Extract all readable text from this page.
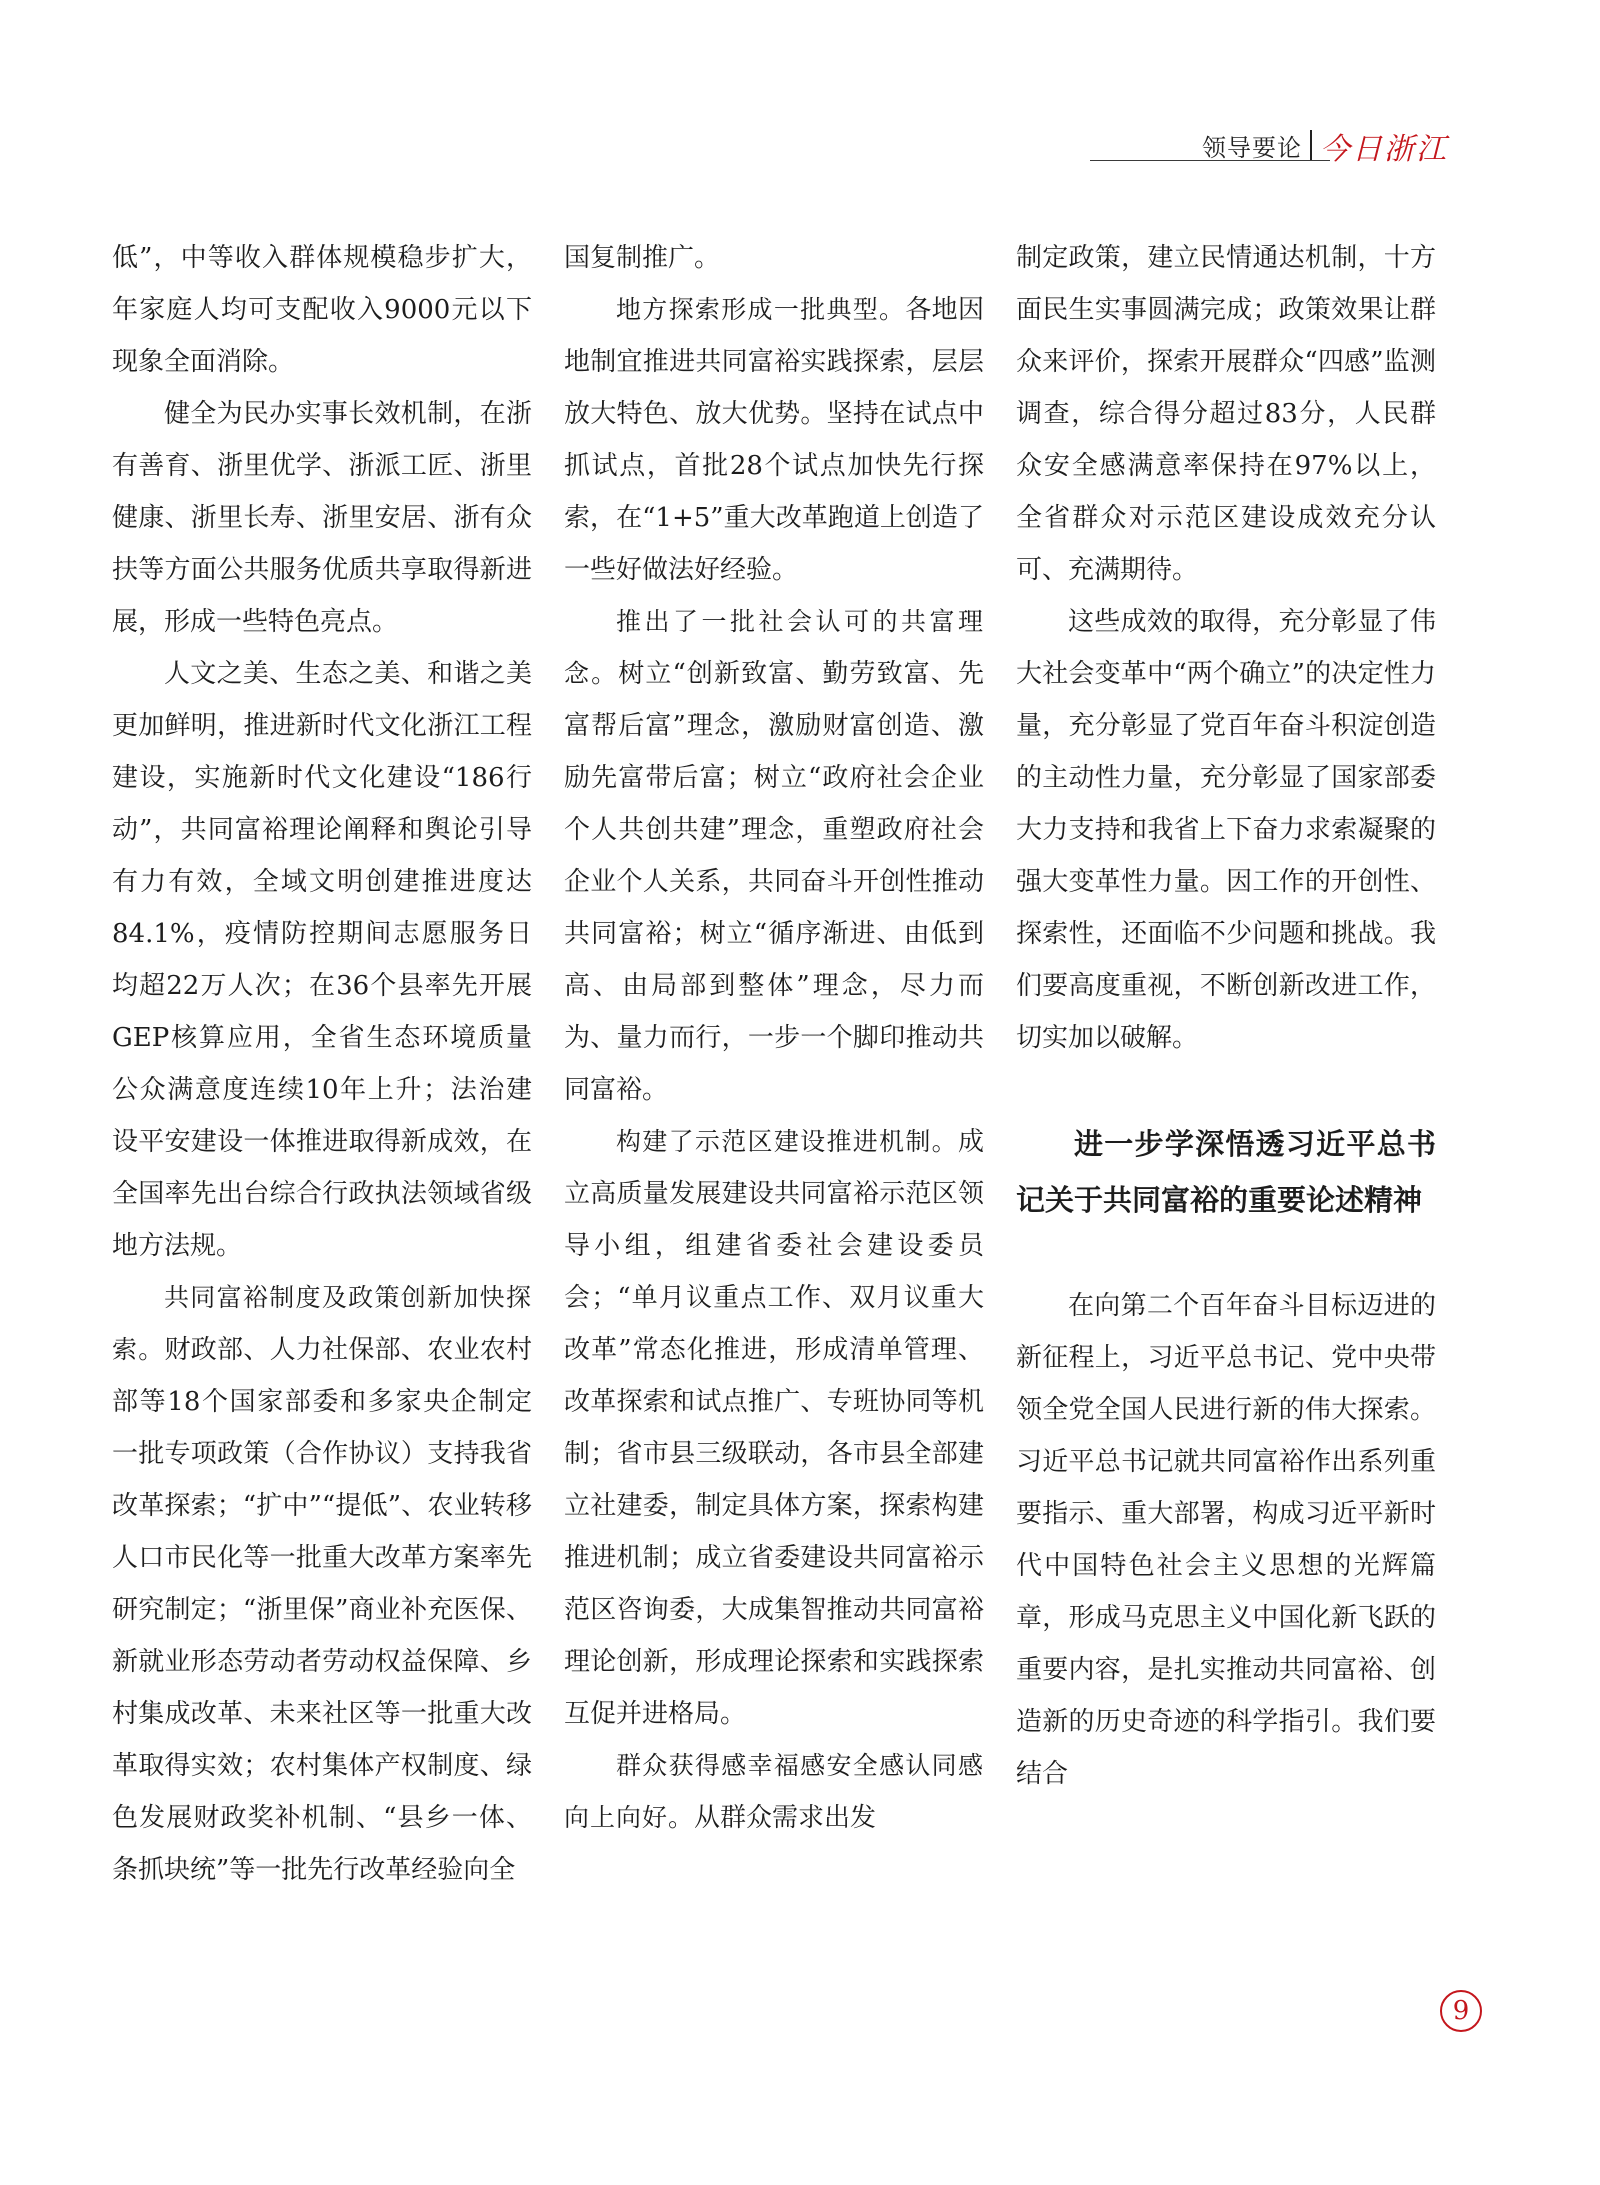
领导要论 今日浙江

低”，中等收入群体规模稳步扩大，年家庭人均可支配收入9000元以下现象全面消除。

健全为民办实事长效机制，在浙有善育、浙里优学、浙派工匠、浙里健康、浙里长寿、浙里安居、浙有众扶等方面公共服务优质共享取得新进展，形成一些特色亮点。

人文之美、生态之美、和谐之美更加鲜明，推进新时代文化浙江工程建设，实施新时代文化建设“186行动”，共同富裕理论阐释和舆论引导有力有效，全域文明创建推进度达84.1%，疫情防控期间志愿服务日均超22万人次；在36个县率先开展GEP核算应用，全省生态环境质量公众满意度连续10年上升；法治建设平安建设一体推进取得新成效，在全国率先出台综合行政执法领域省级地方法规。

共同富裕制度及政策创新加快探索。财政部、人力社保部、农业农村部等18个国家部委和多家央企制定一批专项政策（合作协议）支持我省改革探索；“扩中”“提低”、农业转移人口市民化等一批重大改革方案率先研究制定；“浙里保”商业补充医保、新就业形态劳动者劳动权益保障、乡村集成改革、未来社区等一批重大改革取得实效；农村集体产权制度、绿色发展财政奖补机制、“县乡一体、条抓块统”等一批先行改革经验向全

国复制推广。

地方探索形成一批典型。各地因地制宜推进共同富裕实践探索，层层放大特色、放大优势。坚持在试点中抓试点，首批28个试点加快先行探索，在“1+5”重大改革跑道上创造了一些好做法好经验。

推出了一批社会认可的共富理念。树立“创新致富、勤劳致富、先富帮后富”理念，激励财富创造、激励先富带后富；树立“政府社会企业个人共创共建”理念，重塑政府社会企业个人关系，共同奋斗开创性推动共同富裕；树立“循序渐进、由低到高、由局部到整体”理念，尽力而为、量力而行，一步一个脚印推动共同富裕。

构建了示范区建设推进机制。成立高质量发展建设共同富裕示范区领导小组，组建省委社会建设委员会；“单月议重点工作、双月议重大改革”常态化推进，形成清单管理、改革探索和试点推广、专班协同等机制；省市县三级联动，各市县全部建立社建委，制定具体方案，探索构建推进机制；成立省委建设共同富裕示范区咨询委，大成集智推动共同富裕理论创新，形成理论探索和实践探索互促并进格局。

群众获得感幸福感安全感认同感向上向好。从群众需求出发

制定政策，建立民情通达机制，十方面民生实事圆满完成；政策效果让群众来评价，探索开展群众“四感”监测调查，综合得分超过83分，人民群众安全感满意率保持在97%以上，全省群众对示范区建设成效充分认可、充满期待。

这些成效的取得，充分彰显了伟大社会变革中“两个确立”的决定性力量，充分彰显了党百年奋斗积淀创造的主动性力量，充分彰显了国家部委大力支持和我省上下奋力求索凝聚的强大变革性力量。因工作的开创性、探索性，还面临不少问题和挑战。我们要高度重视，不断创新改进工作，切实加以破解。

进一步学深悟透习近平总书记关于共同富裕的重要论述精神

在向第二个百年奋斗目标迈进的新征程上，习近平总书记、党中央带领全党全国人民进行新的伟大探索。习近平总书记就共同富裕作出系列重要指示、重大部署，构成习近平新时代中国特色社会主义思想的光辉篇章，形成马克思主义中国化新飞跃的重要内容，是扎实推动共同富裕、创造新的历史奇迹的科学指引。我们要结合

9
